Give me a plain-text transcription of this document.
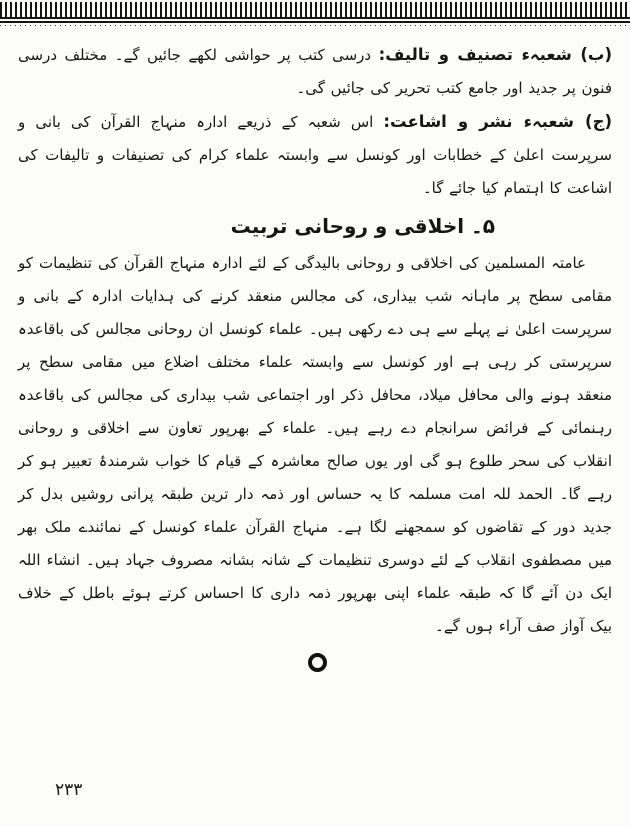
(ب) شعبہء تصنیف و تالیف: درسی کتب پر حواشی لکھے جائیں گے۔ مختلف درسی فنون پر جدید اور جامع کتب تحریر کی جائیں گی۔

(ج) شعبہء نشر و اشاعت: اس شعبہ کے ذریعے ادارہ منہاج القرآن کی بانی و سرپرست اعلیٰ کے خطابات اور کونسل سے وابستہ علماء کرام کی تصنیفات و تالیفات کی اشاعت کا اہتمام کیا جائے گا۔

۵۔ اخلاقی و روحانی تربیت

عامتہ المسلمین کی اخلاقی و روحانی بالیدگی کے لئے ادارہ منہاج القرآن کی تنظیمات کو مقامی سطح پر ماہانہ شب بیداری، کی مجالس منعقد کرنے کی ہدایات ادارہ کے بانی و سرپرست اعلیٰ نے پہلے سے ہی دے رکھی ہیں۔ علماء کونسل ان روحانی مجالس کی باقاعدہ سرپرستی کر رہی ہے اور کونسل سے وابستہ علماء مختلف اضلاع میں مقامی سطح پر منعقد ہونے والی محافل میلاد، محافل ذکر اور اجتماعی شب بیداری کی مجالس کی باقاعدہ رہنمائی کے فرائض سرانجام دے رہے ہیں۔ علماء کے بھرپور تعاون سے اخلاقی و روحانی انقلاب کی سحر طلوع ہو گی اور یوں صالح معاشرہ کے قیام کا خواب شرمندۂ تعبیر ہو کر رہے گا۔ الحمد للہ امت مسلمہ کا یہ حساس اور ذمہ دار ترین طبقہ پرانی روشیں بدل کر جدید دور کے تقاضوں کو سمجھنے لگا ہے۔ منہاج القرآن علماء کونسل کے نمائندے ملک بھر میں مصطفوی انقلاب کے لئے دوسری تنظیمات کے شانہ بشانہ مصروف جہاد ہیں۔ انشاء اللہ ایک دن آئے گا کہ طبقہ علماء اپنی بھرپور ذمہ داری کا احساس کرتے ہوئے باطل کے خلاف بیک آواز صف آراء ہوں گے۔

۲۳۳
